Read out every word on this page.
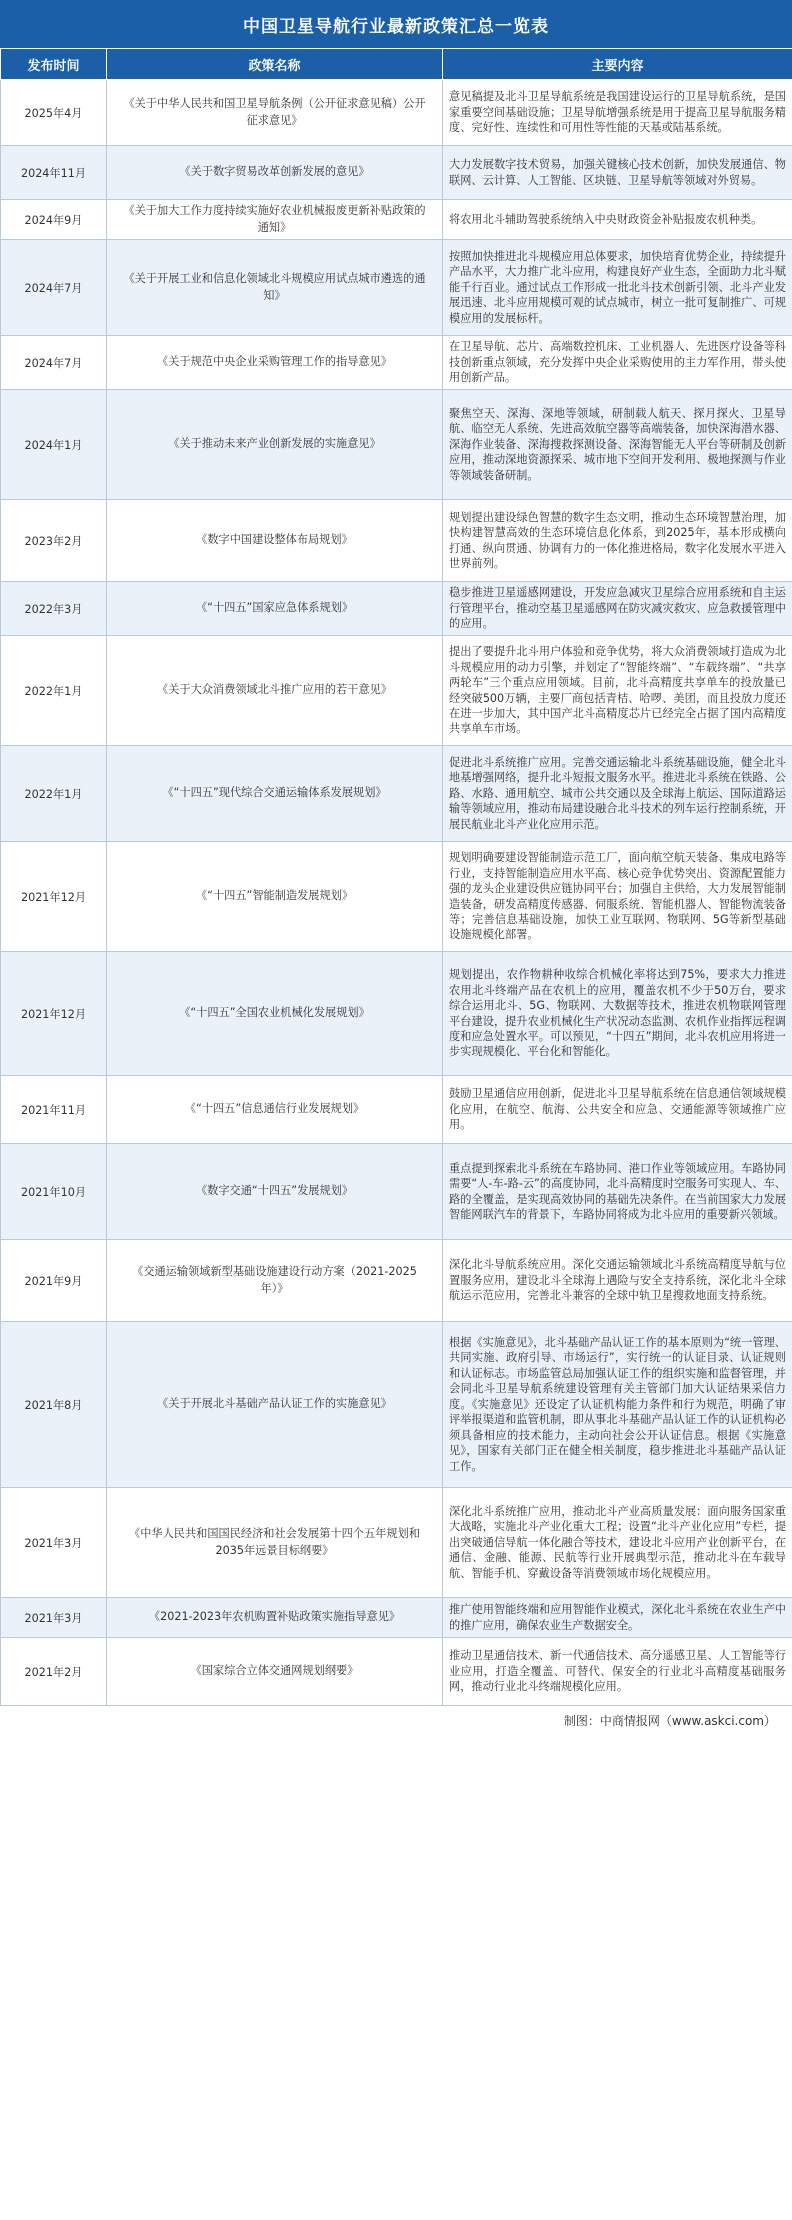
中国卫星导航行业最新政策汇总一览表
发布时间	政策名称	主要内容
2025年4月	《关于中华人民共和国卫星导航条例（公开征求意见稿）公开征求意见》	意见稿提及北斗卫星导航系统是我国建设运行的卫星导航系统，是国家重要空间基础设施；卫星导航增强系统是用于提高卫星导航服务精度、完好性、连续性和可用性等性能的天基或陆基系统。
2024年11月	《关于数字贸易改革创新发展的意见》	大力发展数字技术贸易，加强关键核心技术创新，加快发展通信、物联网、云计算、人工智能、区块链、卫星导航等领域对外贸易。
2024年9月	《关于加大工作力度持续实施好农业机械报废更新补贴政策的通知》	将农用北斗辅助驾驶系统纳入中央财政资金补贴报废农机种类。
2024年7月	《关于开展工业和信息化领域北斗规模应用试点城市遴选的通知》	按照加快推进北斗规模应用总体要求，加快培育优势企业，持续提升产品水平，大力推广北斗应用，构建良好产业生态，全面助力北斗赋能千行百业。通过试点工作形成一批北斗技术创新引领、北斗产业发展迅速、北斗应用规模可观的试点城市，树立一批可复制推广、可规模应用的发展标杆。
2024年7月	《关于规范中央企业采购管理工作的指导意见》	在卫星导航、芯片、高端数控机床、工业机器人、先进医疗设备等科技创新重点领域，充分发挥中央企业采购使用的主力军作用，带头使用创新产品。
2024年1月	《关于推动未来产业创新发展的实施意见》	聚焦空天、深海、深地等领域，研制载人航天、探月探火、卫星导航、临空无人系统、先进高效航空器等高端装备，加快深海潜水器、深海作业装备、深海搜救探测设备、深海智能无人平台等研制及创新应用，推动深地资源探采、城市地下空间开发利用、极地探测与作业等领域装备研制。
2023年2月	《数字中国建设整体布局规划》	规划提出建设绿色智慧的数字生态文明，推动生态环境智慧治理，加快构建智慧高效的生态环境信息化体系，到2025年，基本形成横向打通、纵向贯通、协调有力的一体化推进格局，数字化发展水平进入世界前列。
2022年3月	《“十四五”国家应急体系规划》	稳步推进卫星遥感网建设，开发应急减灾卫星综合应用系统和自主运行管理平台，推动空基卫星遥感网在防灾减灾救灾、应急救援管理中的应用。
2022年1月	《关于大众消费领域北斗推广应用的若干意见》	提出了要提升北斗用户体验和竞争优势，将大众消费领域打造成为北斗规模应用的动力引擎，并划定了“智能终端”、“车载终端”、“共享两轮车”三个重点应用领域。目前，北斗高精度共享单车的投放量已经突破500万辆，主要厂商包括青桔、哈啰、美团，而且投放力度还在进一步加大，其中国产北斗高精度芯片已经完全占据了国内高精度共享单车市场。
2022年1月	《“十四五”现代综合交通运输体系发展规划》	促进北斗系统推广应用。完善交通运输北斗系统基础设施，健全北斗地基增强网络，提升北斗短报文服务水平。推进北斗系统在铁路、公路、水路、通用航空、城市公共交通以及全球海上航运、国际道路运输等领域应用，推动布局建设融合北斗技术的列车运行控制系统，开展民航业北斗产业化应用示范。
2021年12月	《“十四五”智能制造发展规划》	规划明确要建设智能制造示范工厂，面向航空航天装备、集成电路等行业，支持智能制造应用水平高、核心竞争优势突出、资源配置能力强的龙头企业建设供应链协同平台；加强自主供给，大力发展智能制造装备，研发高精度传感器、伺服系统、智能机器人、智能物流装备等；完善信息基础设施，加快工业互联网、物联网、5G等新型基础设施规模化部署。
2021年12月	《“十四五”全国农业机械化发展规划》	规划提出，农作物耕种收综合机械化率将达到75%，要求大力推进农用北斗终端产品在农机上的应用，覆盖农机不少于50万台，要求综合运用北斗、5G、物联网、大数据等技术，推进农机物联网管理平台建设，提升农业机械化生产状况动态监测、农机作业指挥远程调度和应急处置水平。可以预见，“十四五”期间，北斗农机应用将进一步实现规模化、平台化和智能化。
2021年11月	《“十四五”信息通信行业发展规划》	鼓励卫星通信应用创新，促进北斗卫星导航系统在信息通信领域规模化应用，在航空、航海、公共安全和应急、交通能源等领域推广应用。
2021年10月	《数字交通“十四五”发展规划》	重点提到探索北斗系统在车路协同、港口作业等领域应用。车路协同需要“人-车-路-云”的高度协同，北斗高精度时空服务可实现人、车、路的全覆盖，是实现高效协同的基础先决条件。在当前国家大力发展智能网联汽车的背景下，车路协同将成为北斗应用的重要新兴领域。
2021年9月	《交通运输领域新型基础设施建设行动方案（2021-2025年）》	深化北斗导航系统应用。深化交通运输领域北斗系统高精度导航与位置服务应用，建设北斗全球海上遇险与安全支持系统，深化北斗全球航运示范应用，完善北斗兼容的全球中轨卫星搜救地面支持系统。
2021年8月	《关于开展北斗基础产品认证工作的实施意见》	根据《实施意见》，北斗基础产品认证工作的基本原则为“统一管理、共同实施、政府引导、市场运行”，实行统一的认证目录、认证规则和认证标志。市场监管总局加强认证工作的组织实施和监督管理，并会同北斗卫星导航系统建设管理有关主管部门加大认证结果采信力度。《实施意见》还设定了认证机构能力条件和行为规范，明确了审评举报渠道和监管机制，即从事北斗基础产品认证工作的认证机构必须具备相应的技术能力，主动向社会公开认证信息。根据《实施意见》，国家有关部门正在健全相关制度，稳步推进北斗基础产品认证工作。
2021年3月	《中华人民共和国国民经济和社会发展第十四个五年规划和2035年远景目标纲要》	深化北斗系统推广应用，推动北斗产业高质量发展：面向服务国家重大战略，实施北斗产业化重大工程；设置“北斗产业化应用”专栏，提出突破通信导航一体化融合等技术，建设北斗应用产业创新平台，在通信、金融、能源、民航等行业开展典型示范，推动北斗在车载导航、智能手机、穿戴设备等消费领域市场化规模应用。
2021年3月	《2021-2023年农机购置补贴政策实施指导意见》	推广使用智能终端和应用智能作业模式，深化北斗系统在农业生产中的推广应用，确保农业生产数据安全。
2021年2月	《国家综合立体交通网规划纲要》	推动卫星通信技术、新一代通信技术、高分遥感卫星、人工智能等行业应用，打造全覆盖、可替代、保安全的行业北斗高精度基础服务网，推动行业北斗终端规模化应用。
制图：中商情报网（www.askci.com）
